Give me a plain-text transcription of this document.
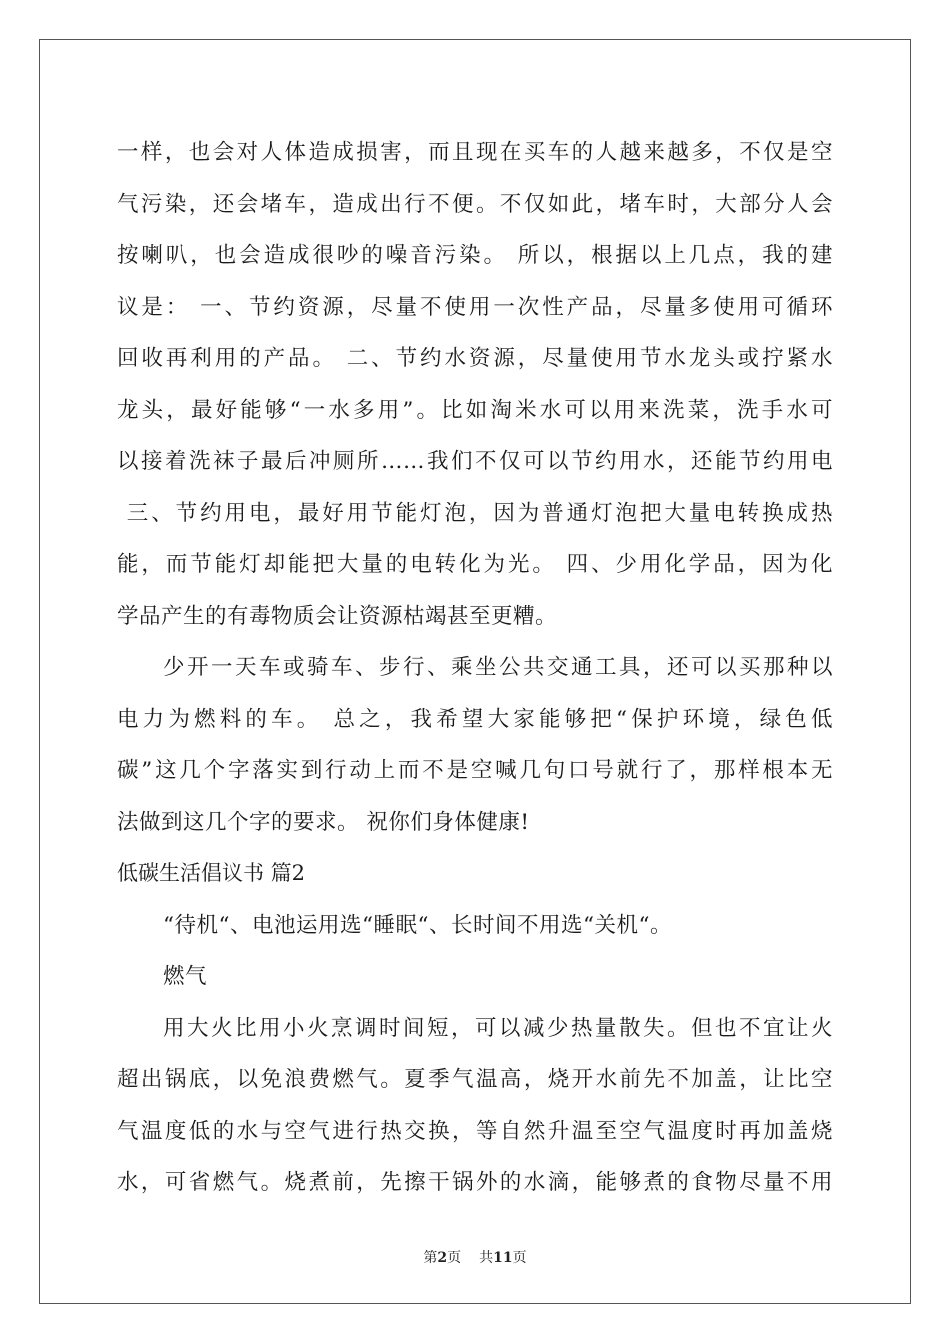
一样，也会对人体造成损害，而且现在买车的人越来越多，不仅是空
气污染，还会堵车，造成出行不便。不仅如此，堵车时，大部分人会
按喇叭，也会造成很吵的噪音污染。 所以，根据以上几点，我的建
议是： 一、节约资源，尽量不使用一次性产品，尽量多使用可循环
回收再利用的产品。 二、节约水资源，尽量使用节水龙头或拧紧水
龙头，最好能够“一水多用”。比如淘米水可以用来洗菜，洗手水可
以接着洗袜子最后冲厕所……我们不仅可以节约用水，还能节约用电
三、节约用电，最好用节能灯泡，因为普通灯泡把大量电转换成热
能，而节能灯却能把大量的电转化为光。 四、少用化学品，因为化
学品产生的有毒物质会让资源枯竭甚至更糟。
少开一天车或骑车、步行、乘坐公共交通工具，还可以买那种以
电力为燃料的车。 总之，我希望大家能够把“保护环境，绿色低
碳”这几个字落实到行动上而不是空喊几句口号就行了，那样根本无
法做到这几个字的要求。 祝你们身体健康!
低碳生活倡议书 篇2
“待机“、电池运用选“睡眠“、长时间不用选“关机“。
燃气
用大火比用小火烹调时间短，可以减少热量散失。但也不宜让火
超出锅底，以免浪费燃气。夏季气温高，烧开水前先不加盖，让比空
气温度低的水与空气进行热交换，等自然升温至空气温度时再加盖烧
水，可省燃气。烧煮前，先擦干锅外的水滴，能够煮的食物尽量不用
第2页 共11页
